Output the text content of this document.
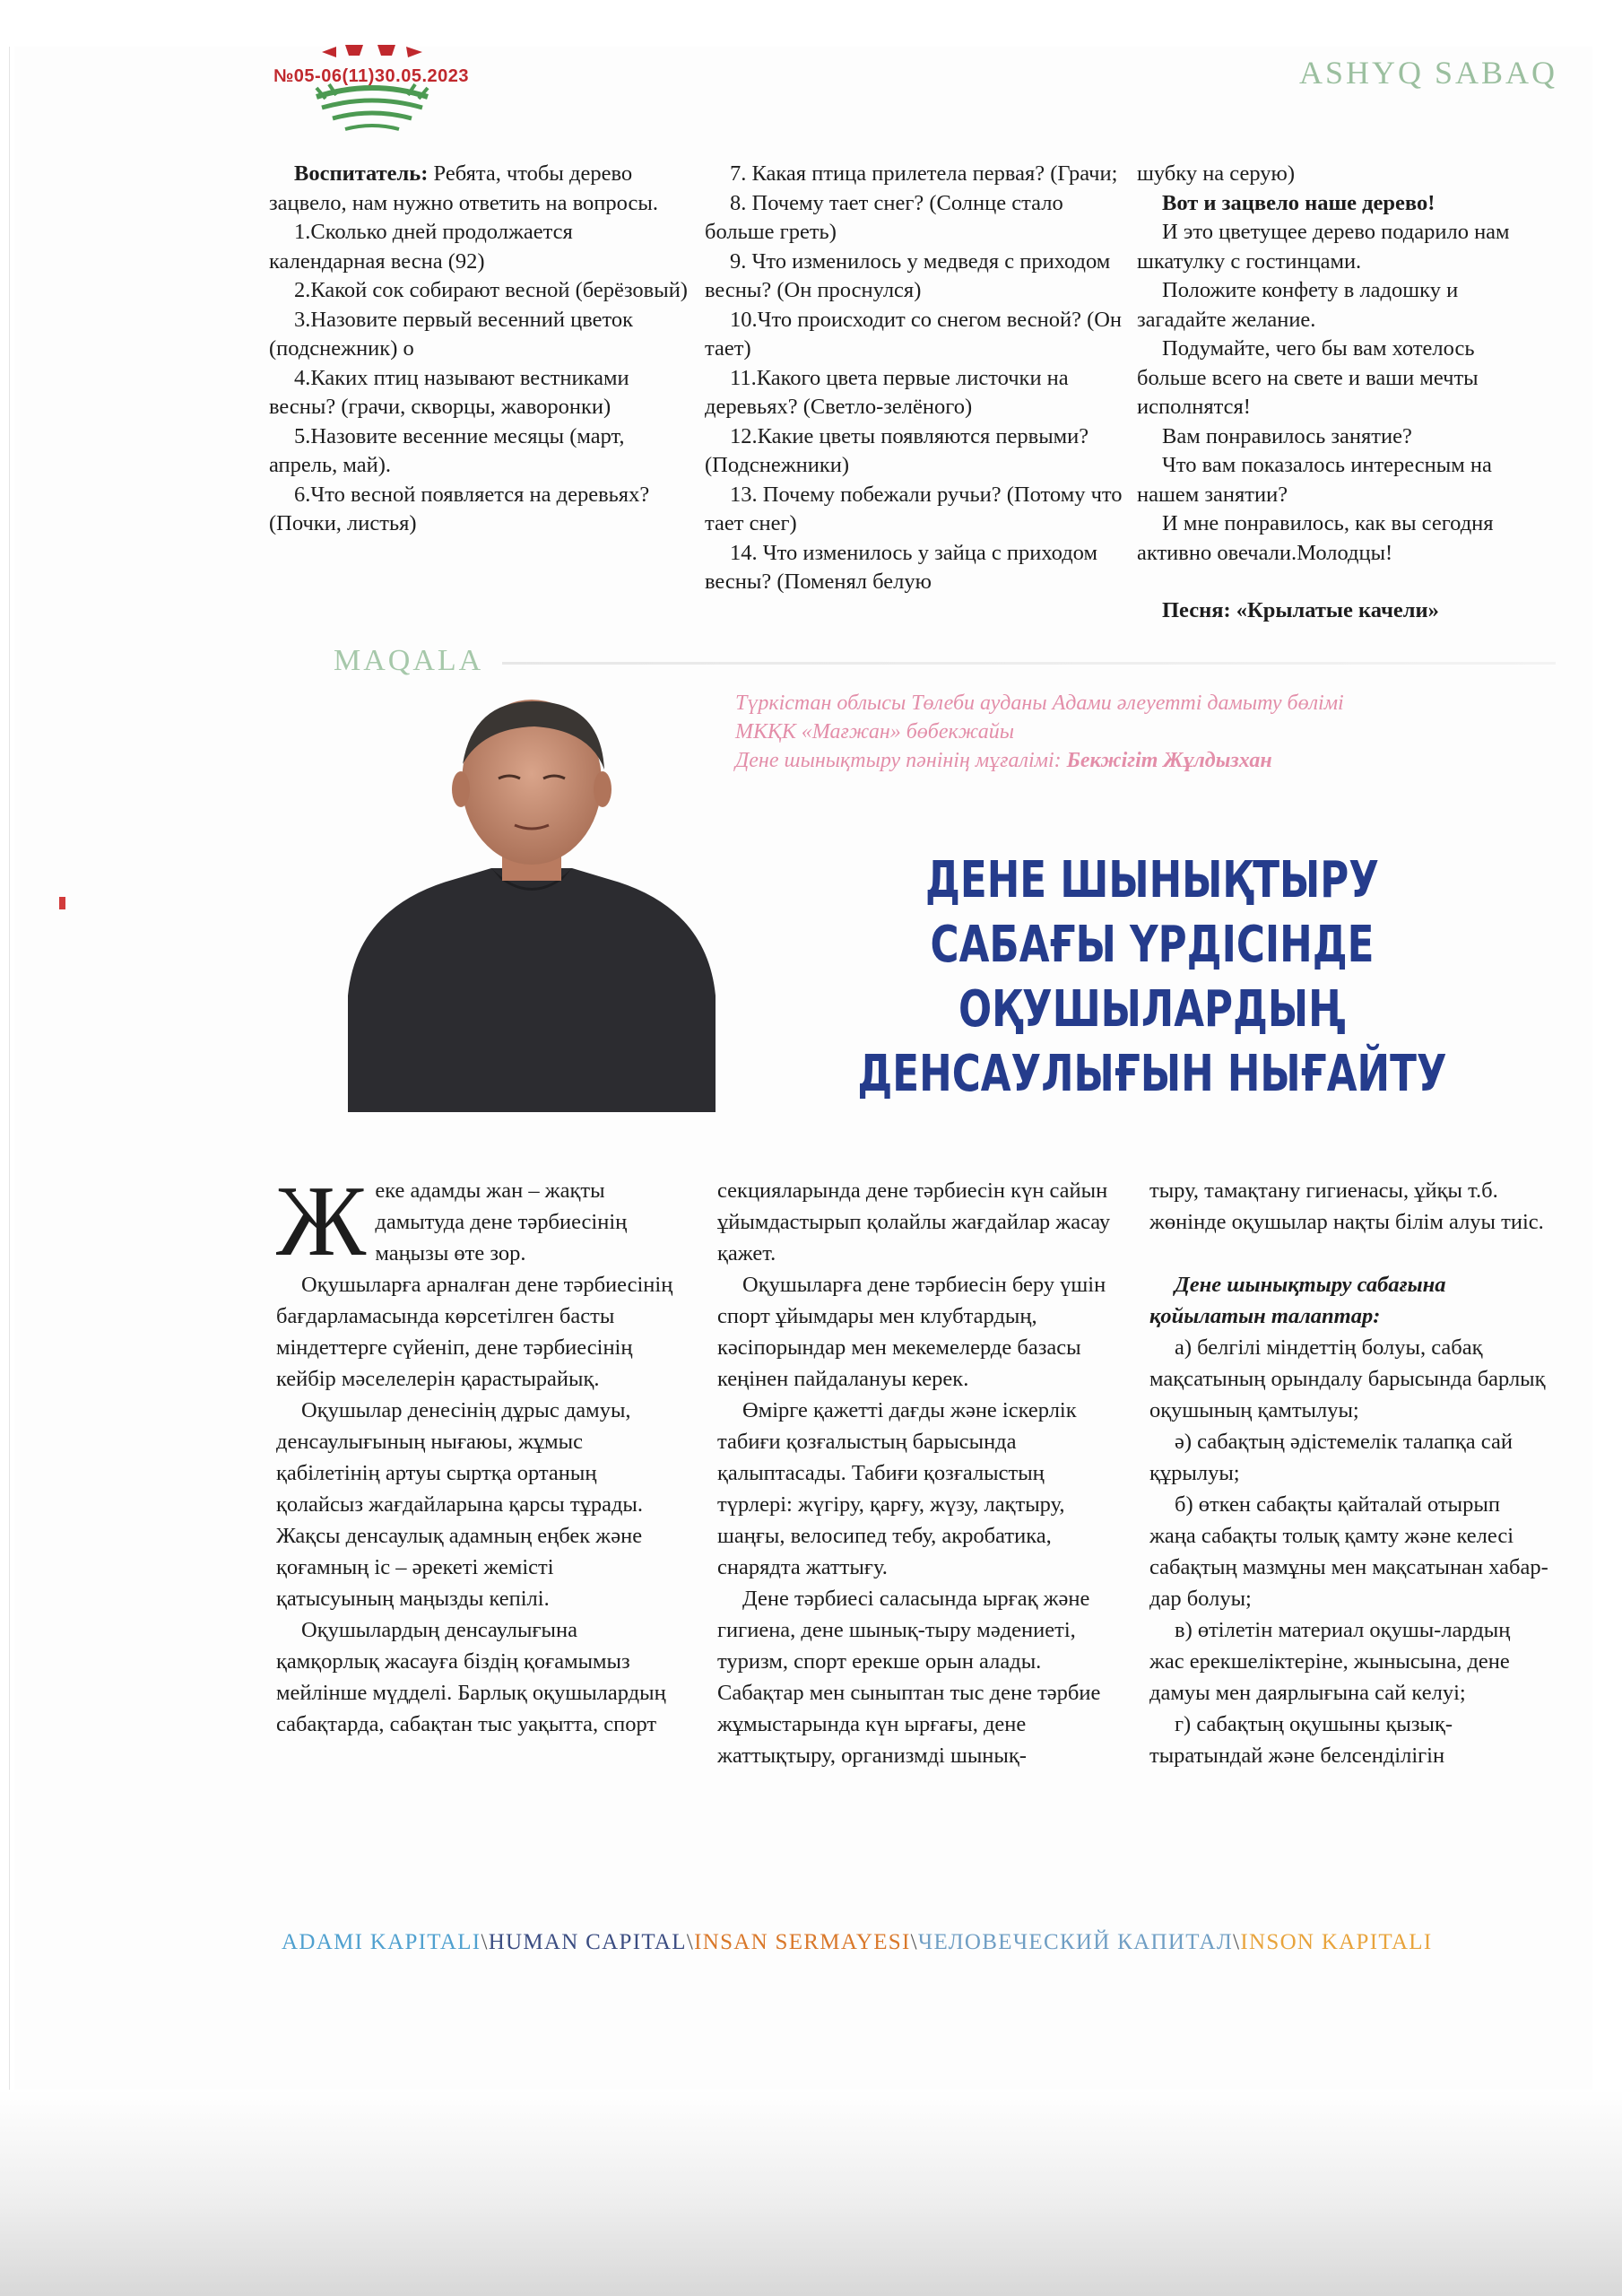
№05-06(11)30.05.2023	ASHYQ SABAQ

Воспитатель: Ребята, чтобы дерево зацвело, нам нужно ответить на вопросы.

1.Сколько дней продолжается календарная весна (92)

2.Какой сок собирают весной (берёзовый)

3.Назовите первый весенний цветок (подснежник) о

4.Каких птиц называют вестниками весны? (грачи, скворцы, жаворонки)

5.Назовите весенние месяцы (март, апрель, май).

6.Что весной появляется на деревьях? (Почки, листья)

7. Какая птица прилетела первая? (Грачи;

8. Почему тает снег? (Солнце стало больше греть)

9. Что изменилось у медведя с приходом весны? (Он проснулся)

10.Что происходит со снегом весной? (Он тает)

11.Какого цвета первые листочки на деревьях? (Светло-зелёного)

12.Какие цветы появляются первыми? (Подснежники)

13. Почему побежали ручьи? (Потому что тает снег)

14. Что изменилось у зайца с приходом весны? (Поменял белую

шубку на серую)

Вот и зацвело наше дерево!

И это цветущее дерево подарило нам шкатулку с гостинцами.

Положите конфету в ладошку и загадайте желание.

Подумайте, чего бы вам хотелось больше всего на свете и ваши мечты исполнятся!

Вам понравилось занятие?

Что вам показалось интересным на нашем занятии?

И мне понравилось, как вы сегодня активно овечали.Молодцы!

Песня: «Крылатые качели»

MAQALA
Түркістан облысы Төлеби ауданы Адами әлеуетті дамыту бөлімі
МКҚК «Мағжан» бөбекжайы
Дене шынықтыру пәнінің мұғалімі: Бекжігіт Жұлдызхан
ДЕНЕ ШЫНЫҚТЫРУ САБАҒЫ ҮРДІСІНДЕ
ОҚУШЫЛАРДЫҢ ДЕНСАУЛЫҒЫН НЫҒАЙТУ

Жеке адамды жан – жақты дамытуда дене тәрбиесінің маңызы өте зор.

Оқушыларға арналған дене тәрбиесінің бағдарламасында көрсетілген басты міндеттерге сүйеніп, дене тәрбиесінің кейбір мәселелерін қарастырайық.

Оқушылар денесінің дұрыс дамуы, денсаулығының нығаюы, жұмыс қабілетінің артуы сыртқа ортаның қолайсыз жағдайларына қарсы тұрады. Жақсы денсаулық адамның еңбек және қоғамның іс – әрекеті жемісті қатысуының маңызды кепілі.

Оқушылардың денсаулығына қамқорлық жасауға біздің қоғамымыз мейлінше мүдделі. Барлық оқушылардың сабақтарда, сабақтан тыс уақытта, спорт

секцияларында дене тәрбиесін күн сайын ұйымдастырып қолайлы жағдайлар жасау қажет.

Оқушыларға дене тәрбиесін беру үшін спорт ұйымдары мен клубтардың, кәсіпорындар мен мекемелерде базасы кеңінен пайдалануы керек.

Өмірге қажетті дағды және іскерлік табиғи қозғалыстың барысында қалыптасады. Табиғи қозғалыстың түрлері: жүгіру, қарғу, жүзу, лақтыру, шаңғы, велосипед тебу, акробатика, снарядта жаттығу.

Дене тәрбиесі саласында ырғақ және гигиена, дене шынық-тыру мәдениеті, туризм, спорт ерекше орын алады. Сабақтар мен сыныптан тыс дене тәрбие жұмыстарында күн ырғағы, дене жаттықтыру, организмді шынық-

тыру, тамақтану гигиенасы, ұйқы т.б. жөнінде оқушылар нақты білім алуы тиіс.

Дене шынықтыру сабағына қойылатын талаптар:

а) белгілі міндеттің болуы, сабақ мақсатының орындалу барысында барлық оқушының қамтылуы;

ә) сабақтың әдістемелік талапқа сай құрылуы;

б) өткен сабақты қайталай отырып жаңа сабақты толық қамту және келесі сабақтың мазмұны мен мақсатынан хабар-дар болуы;

в) өтілетін материал оқушы-лардың жас ерекшеліктеріне, жынысына, дене дамуы мен даярлығына сай келуі;

г) сабақтың оқушыны қызық-тыратындай және белсенділігін

ADAMI KAPITALI\HUMAN CAPITAL\INSAN SERMAYESI\ЧЕЛОВЕЧЕСКИЙ КАПИТАЛ\INSON KAPITALI
